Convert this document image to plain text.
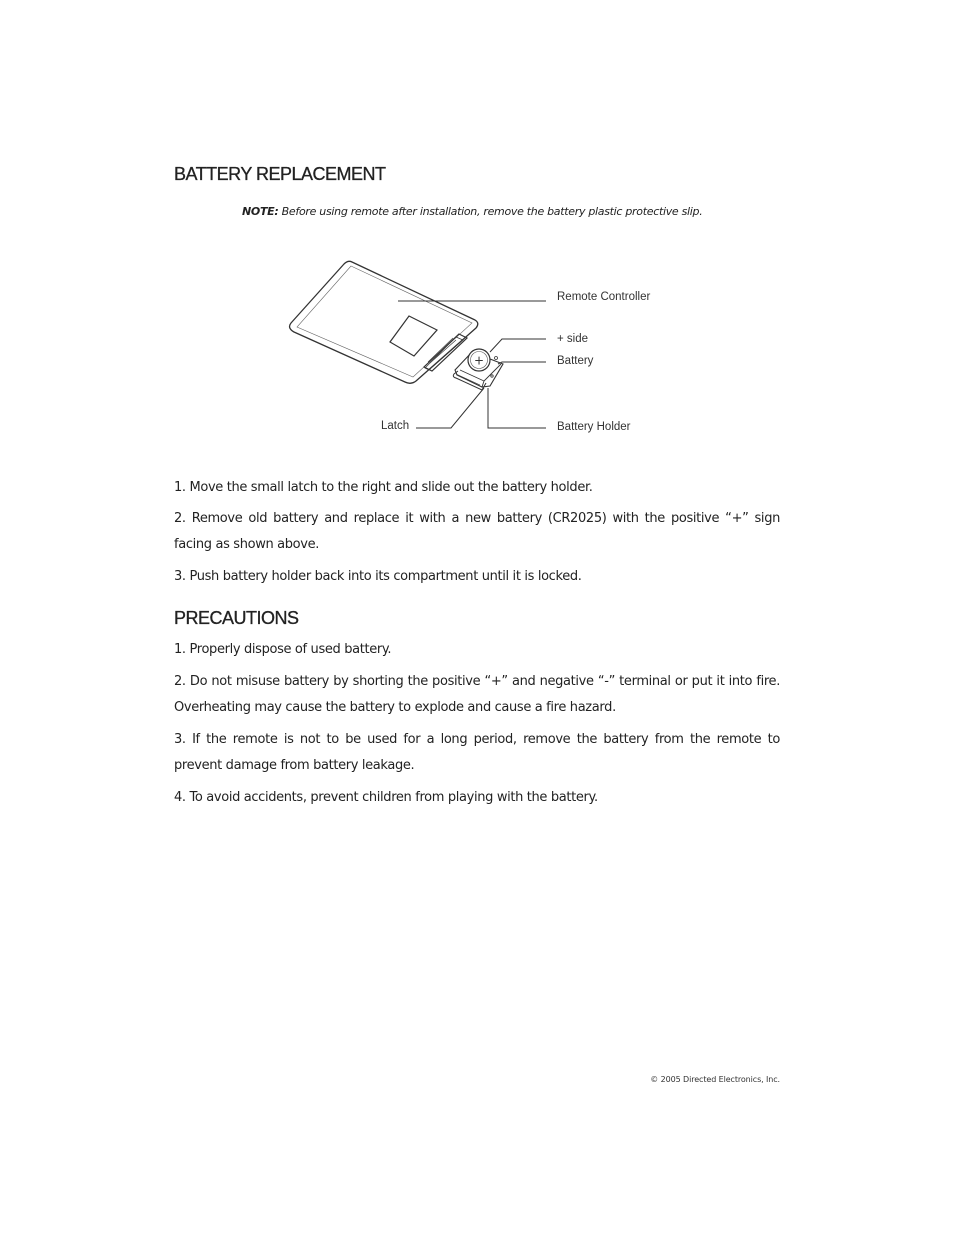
BATTERY REPLACEMENT
NOTE: Before using remote after installation, remove the battery plastic protective slip.
+
Remote Controller
+ side
Battery
Battery Holder
Latch

1. Move the small latch to the right and slide out the battery holder.

2. Remove old battery and replace it with a new battery (CR2025) with the positive “+” sign facing as shown above.

3. Push battery holder back into its compartment until it is locked.

PRECAUTIONS

1. Properly dispose of used battery.

2. Do not misuse battery by shorting the positive “+” and negative “-” terminal or put it into fire. Overheating may cause the battery to explode and cause a fire hazard.

3. If the remote is not to be used for a long period, remove the battery from the remote to prevent damage from battery leakage.

4. To avoid accidents, prevent children from playing with the battery.

© 2005 Directed Electronics, Inc.
